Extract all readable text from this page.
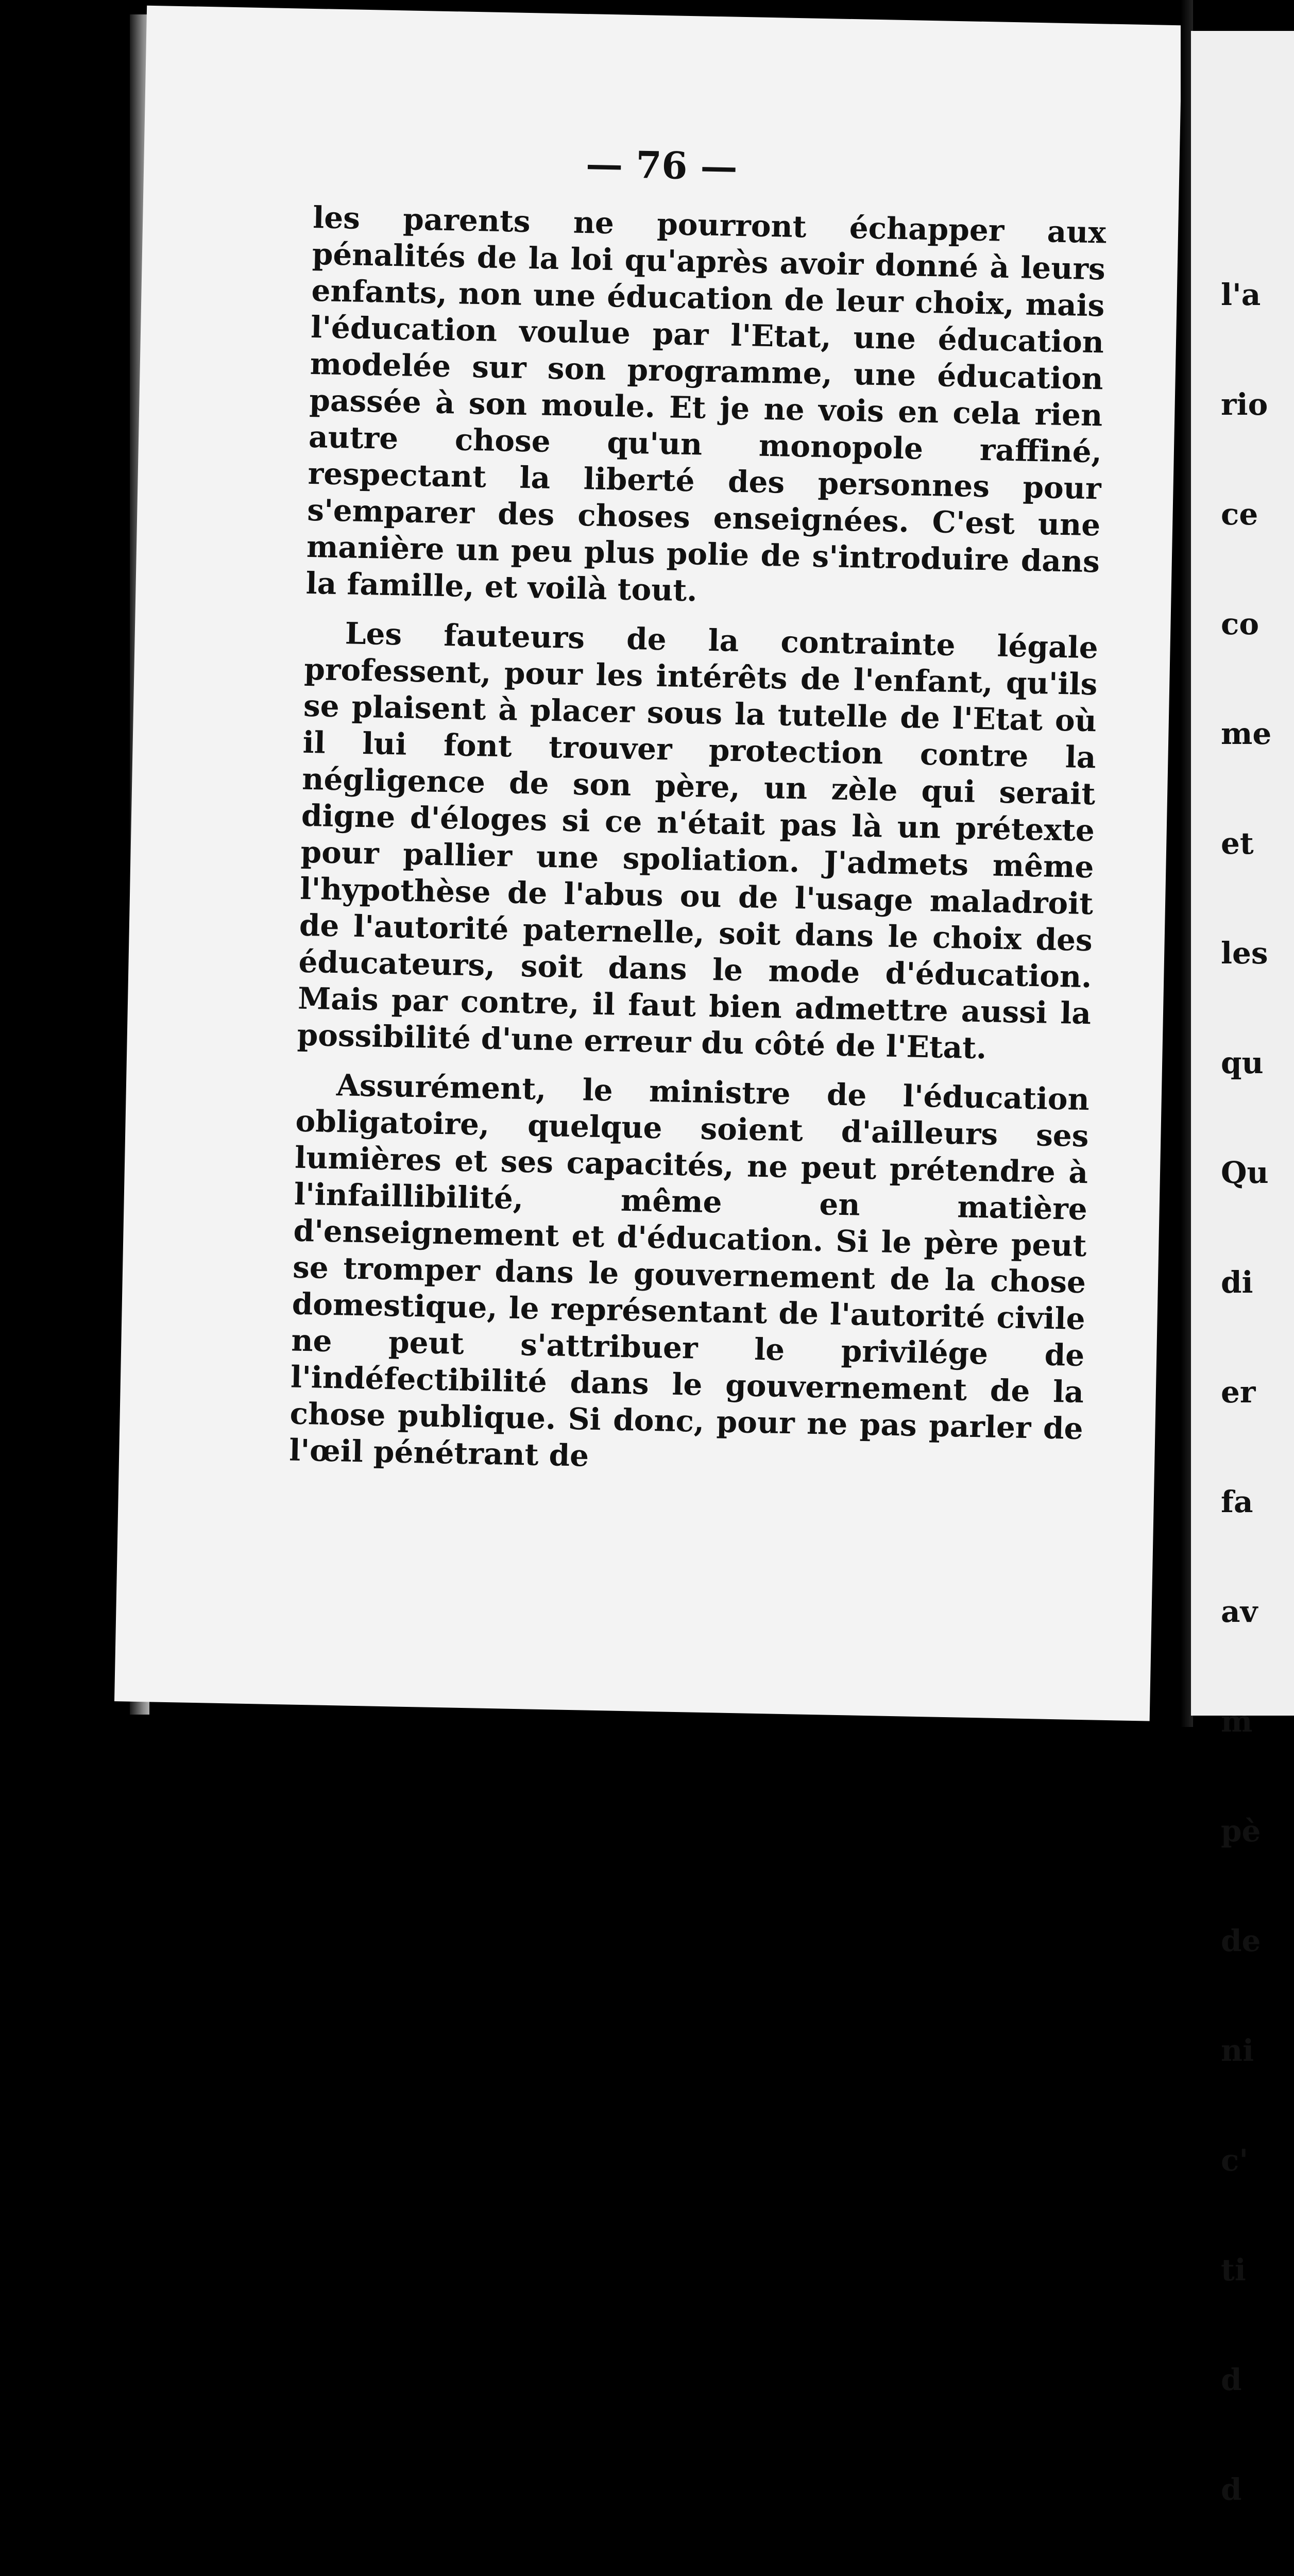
— 76 —

les parents ne pourront échapper aux pénalités de la loi qu'après avoir donné à leurs enfants, non une éducation de leur choix, mais l'éducation voulue par l'Etat, une éducation modelée sur son programme, une éducation passée à son moule. Et je ne vois en cela rien autre chose qu'un monopole raffiné, respectant la liberté des personnes pour s'emparer des choses enseignées. C'est une manière un peu plus polie de s'introduire dans la famille, et voilà tout.

Les fauteurs de la contrainte légale professent, pour les intérêts de l'enfant, qu'ils se plaisent à placer sous la tutelle de l'Etat où il lui font trouver protection contre la négligence de son père, un zèle qui serait digne d'éloges si ce n'était pas là un prétexte pour pallier une spoliation. J'admets même l'hypothèse de l'abus ou de l'usage maladroit de l'autorité paternelle, soit dans le choix des éducateurs, soit dans le mode d'éducation. Mais par contre, il faut bien admettre aussi la possibilité d'une erreur du côté de l'Etat.

Assurément, le ministre de l'éducation obligatoire, quelque soient d'ailleurs ses lumières et ses capacités, ne peut prétendre à l'infaillibilité, même en matière d'enseignement et d'éducation. Si le père peut se tromper dans le gouvernement de la chose domestique, le représentant de l'autorité civile ne peut s'attribuer le privilége de l'indéfectibilité dans le gouvernement de la chose publique. Si donc, pour ne pas parler de l'œil pénétrant de

l'a

rio

ce

co

me

et

les

qu

Qu

di

er

fa

av

m

pè

de

ni

c'

ti

d

d
